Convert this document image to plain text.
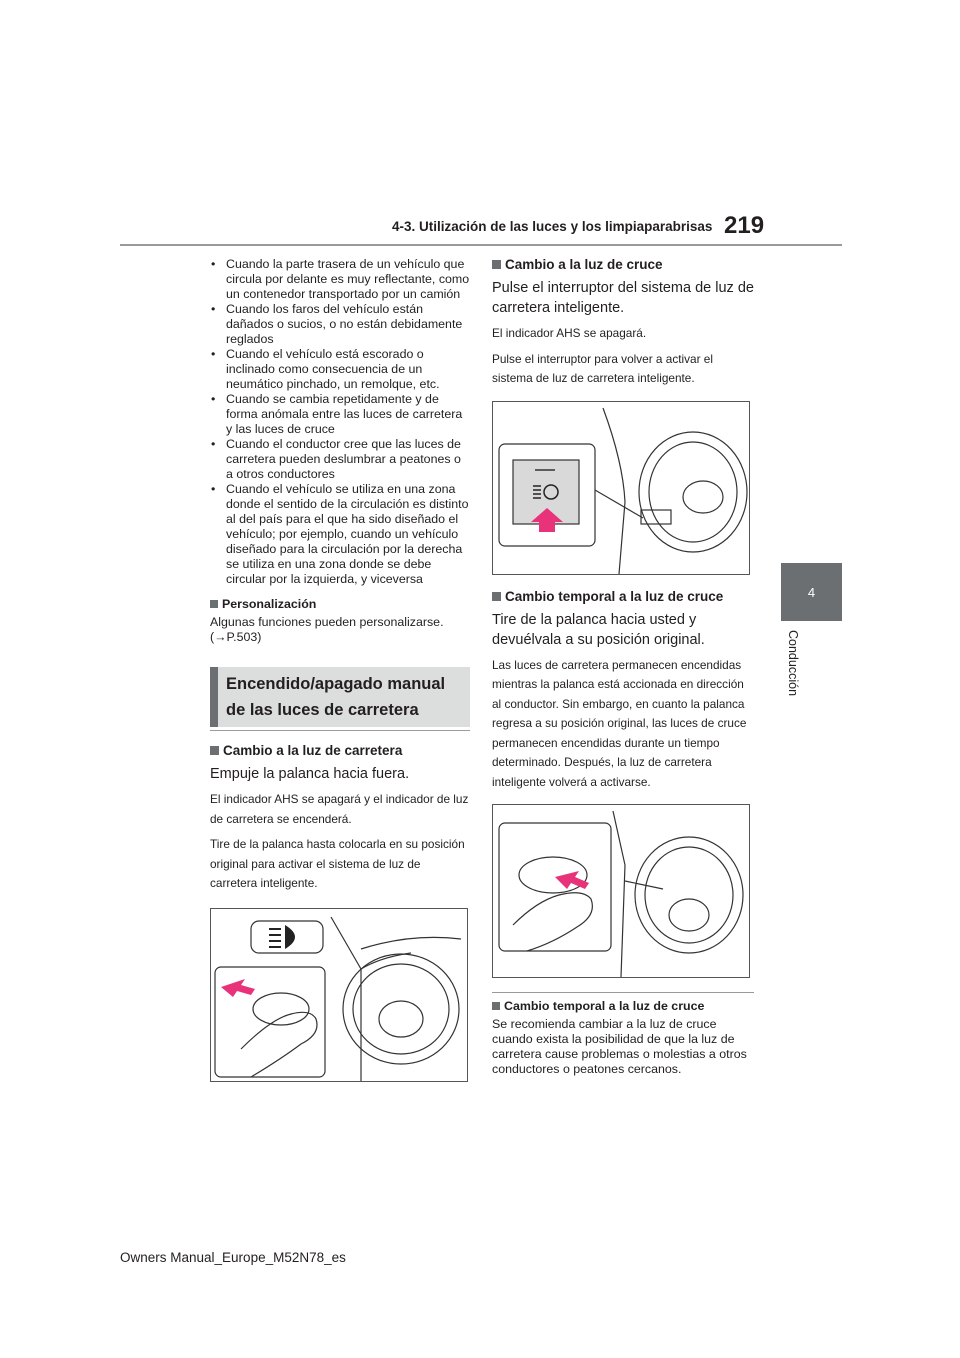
4-3. Utilización de las luces y los limpiaparabrisas 219
4
Conducción
• Cuando la parte trasera de un vehículo que circula por delante es muy reflectante, como un contenedor transportado por un camión
• Cuando los faros del vehículo están dañados o sucios, o no están debidamente reglados
• Cuando el vehículo está escorado o inclinado como consecuencia de un neumático pinchado, un remolque, etc.
• Cuando se cambia repetidamente y de forma anómala entre las luces de carretera y las luces de cruce
• Cuando el conductor cree que las luces de carretera pueden deslumbrar a peatones o a otros conductores
• Cuando el vehículo se utiliza en una zona donde el sentido de la circulación es distinto al del país para el que ha sido diseñado el vehículo; por ejemplo, cuando un vehículo diseñado para la circulación por la derecha se utiliza en una zona donde se debe circular por la izquierda, y viceversa
Personalización
Algunas funciones pueden personalizarse. (→P.503)
Encendido/apagado manual de las luces de carretera
Cambio a la luz de carretera
Empuje la palanca hacia fuera.
El indicador AHS se apagará y el indicador de luz de carretera se encenderá.
Tire de la palanca hasta colocarla en su posición original para activar el sistema de luz de carretera inteligente.
Cambio a la luz de cruce
Pulse el interruptor del sistema de luz de carretera inteligente.
El indicador AHS se apagará.
Pulse el interruptor para volver a activar el sistema de luz de carretera inteligente.
Cambio temporal a la luz de cruce
Tire de la palanca hacia usted y devuélvala a su posición original.
Las luces de carretera permanecen encendidas mientras la palanca está accionada en dirección al conductor. Sin embargo, en cuanto la palanca regresa a su posición original, las luces de cruce permanecen encendidas durante un tiempo determinado. Después, la luz de carretera inteligente volverá a activarse.
Cambio temporal a la luz de cruce
Se recomienda cambiar a la luz de cruce cuando exista la posibilidad de que la luz de carretera cause problemas o molestias a otros conductores o peatones cercanos.
Owners Manual_Europe_M52N78_es
